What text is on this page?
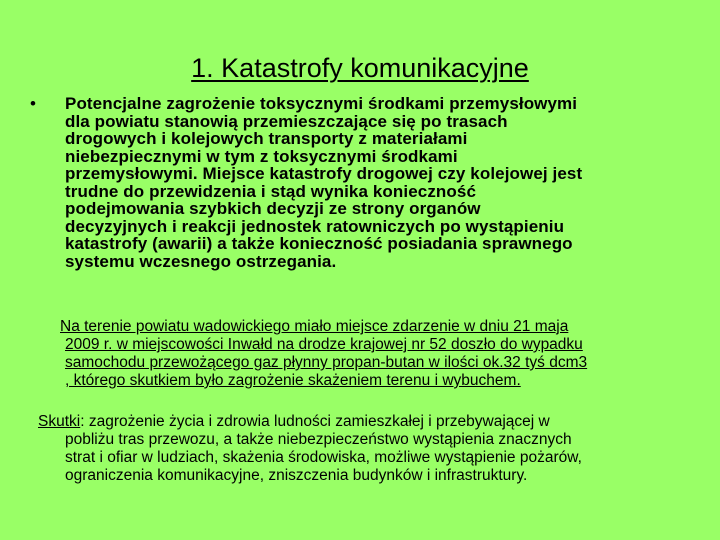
1. Katastrofy komunikacyjne
• Potencjalne zagrożenie toksycznymi środkami przemysłowymi
dla powiatu stanowią przemieszczające się po trasach
drogowych i kolejowych transporty z materiałami
niebezpiecznymi w tym z toksycznymi środkami
przemysłowymi. Miejsce katastrofy drogowej czy kolejowej jest
trudne do przewidzenia i stąd wynika konieczność
podejmowania szybkich decyzji ze strony organów
decyzyjnych i reakcji jednostek ratowniczych po wystąpieniu
katastrofy (awarii) a także konieczność posiadania sprawnego
systemu wczesnego ostrzegania.
Na terenie powiatu wadowickiego miało miejsce zdarzenie w dniu 21 maja
2009 r. w miejscowości Inwałd na drodze krajowej nr 52 doszło do wypadku
samochodu przewożącego gaz płynny propan-butan w ilości ok.32 tyś dcm3
, którego skutkiem było zagrożenie skażeniem terenu i wybuchem.
Skutki: zagrożenie życia i zdrowia ludności zamieszkałej i przebywającej w
pobliżu tras przewozu, a także niebezpieczeństwo wystąpienia znacznych
strat i ofiar w ludziach, skażenia środowiska, możliwe wystąpienie pożarów,
ograniczenia komunikacyjne, zniszczenia budynków i infrastruktury.
